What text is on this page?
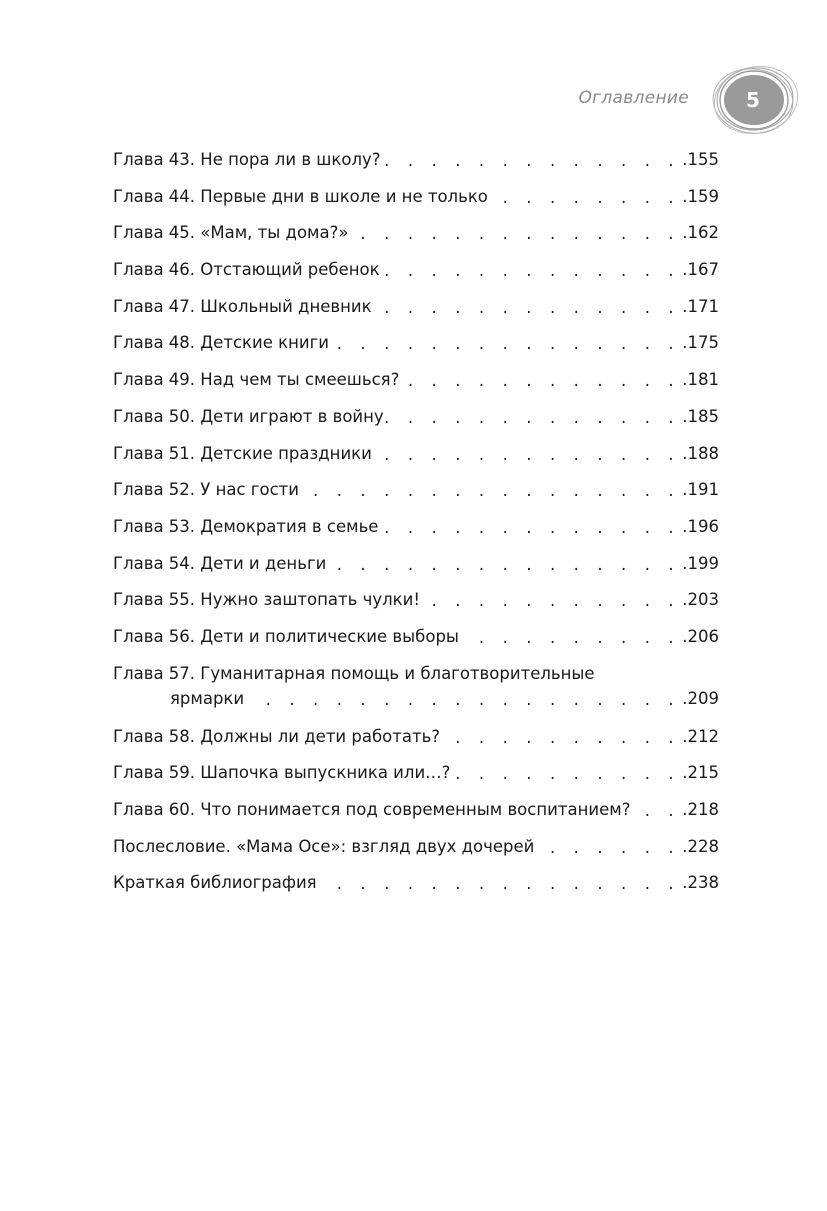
Оглавление	5
Глава 43. Не пора ли в школу? . . .	.155
Глава 44. Первые дни в школе и не только . . .	.159
Глава 45. «Мам, ты дома?» . . .	.162
Глава 46. Отстающий ребенок . . .	.167
Глава 47. Школьный дневник . . .	.171
Глава 48. Детские книги . . .	.175
Глава 49. Над чем ты смеешься? . . .	.181
Глава 50. Дети играют в войну . . .	.185
Глава 51. Детские праздники . . .	.188
Глава 52. У нас гости . . .	.191
Глава 53. Демократия в семье . . .	.196
Глава 54. Дети и деньги . . .	.199
Глава 55. Нужно заштопать чулки! . . .	.203
Глава 56. Дети и политические выборы . . .	.206
Глава 57. Гуманитарная помощь и благотворительные
ярмарки . . .	.209
Глава 58. Должны ли дети работать? . . .	.212
Глава 59. Шапочка выпускника или…? . . .	.215
Глава 60. Что понимается под современным воспитанием? . . .	.218
Послесловие. «Мама Осе»: взгляд двух дочерей . . .	.228
Краткая библиография . . .	.238
